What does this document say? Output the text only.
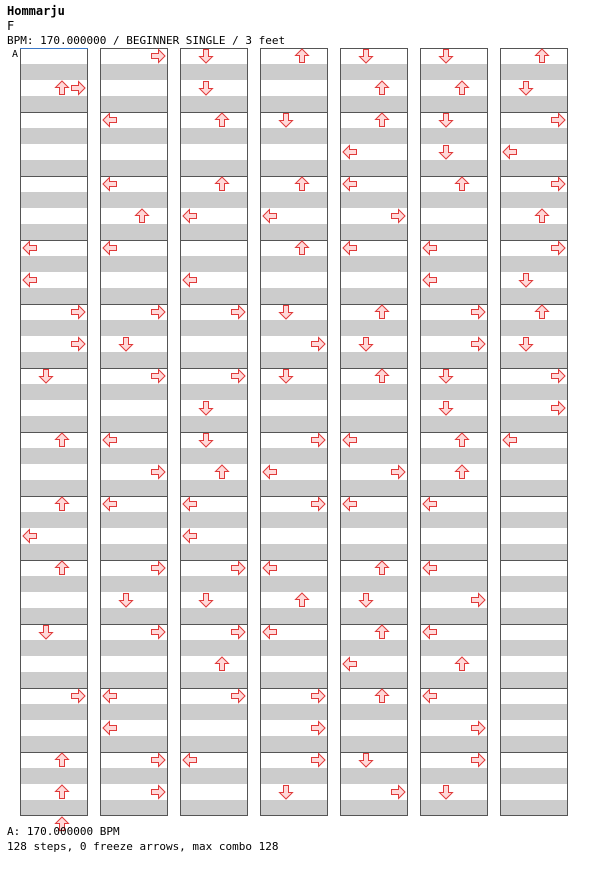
Hommarju
F
BPM: 170.000000 / BEGINNER SINGLE / 3 feet
A
A: 170.000000 BPM
128 steps, 0 freeze arrows, max combo 128
